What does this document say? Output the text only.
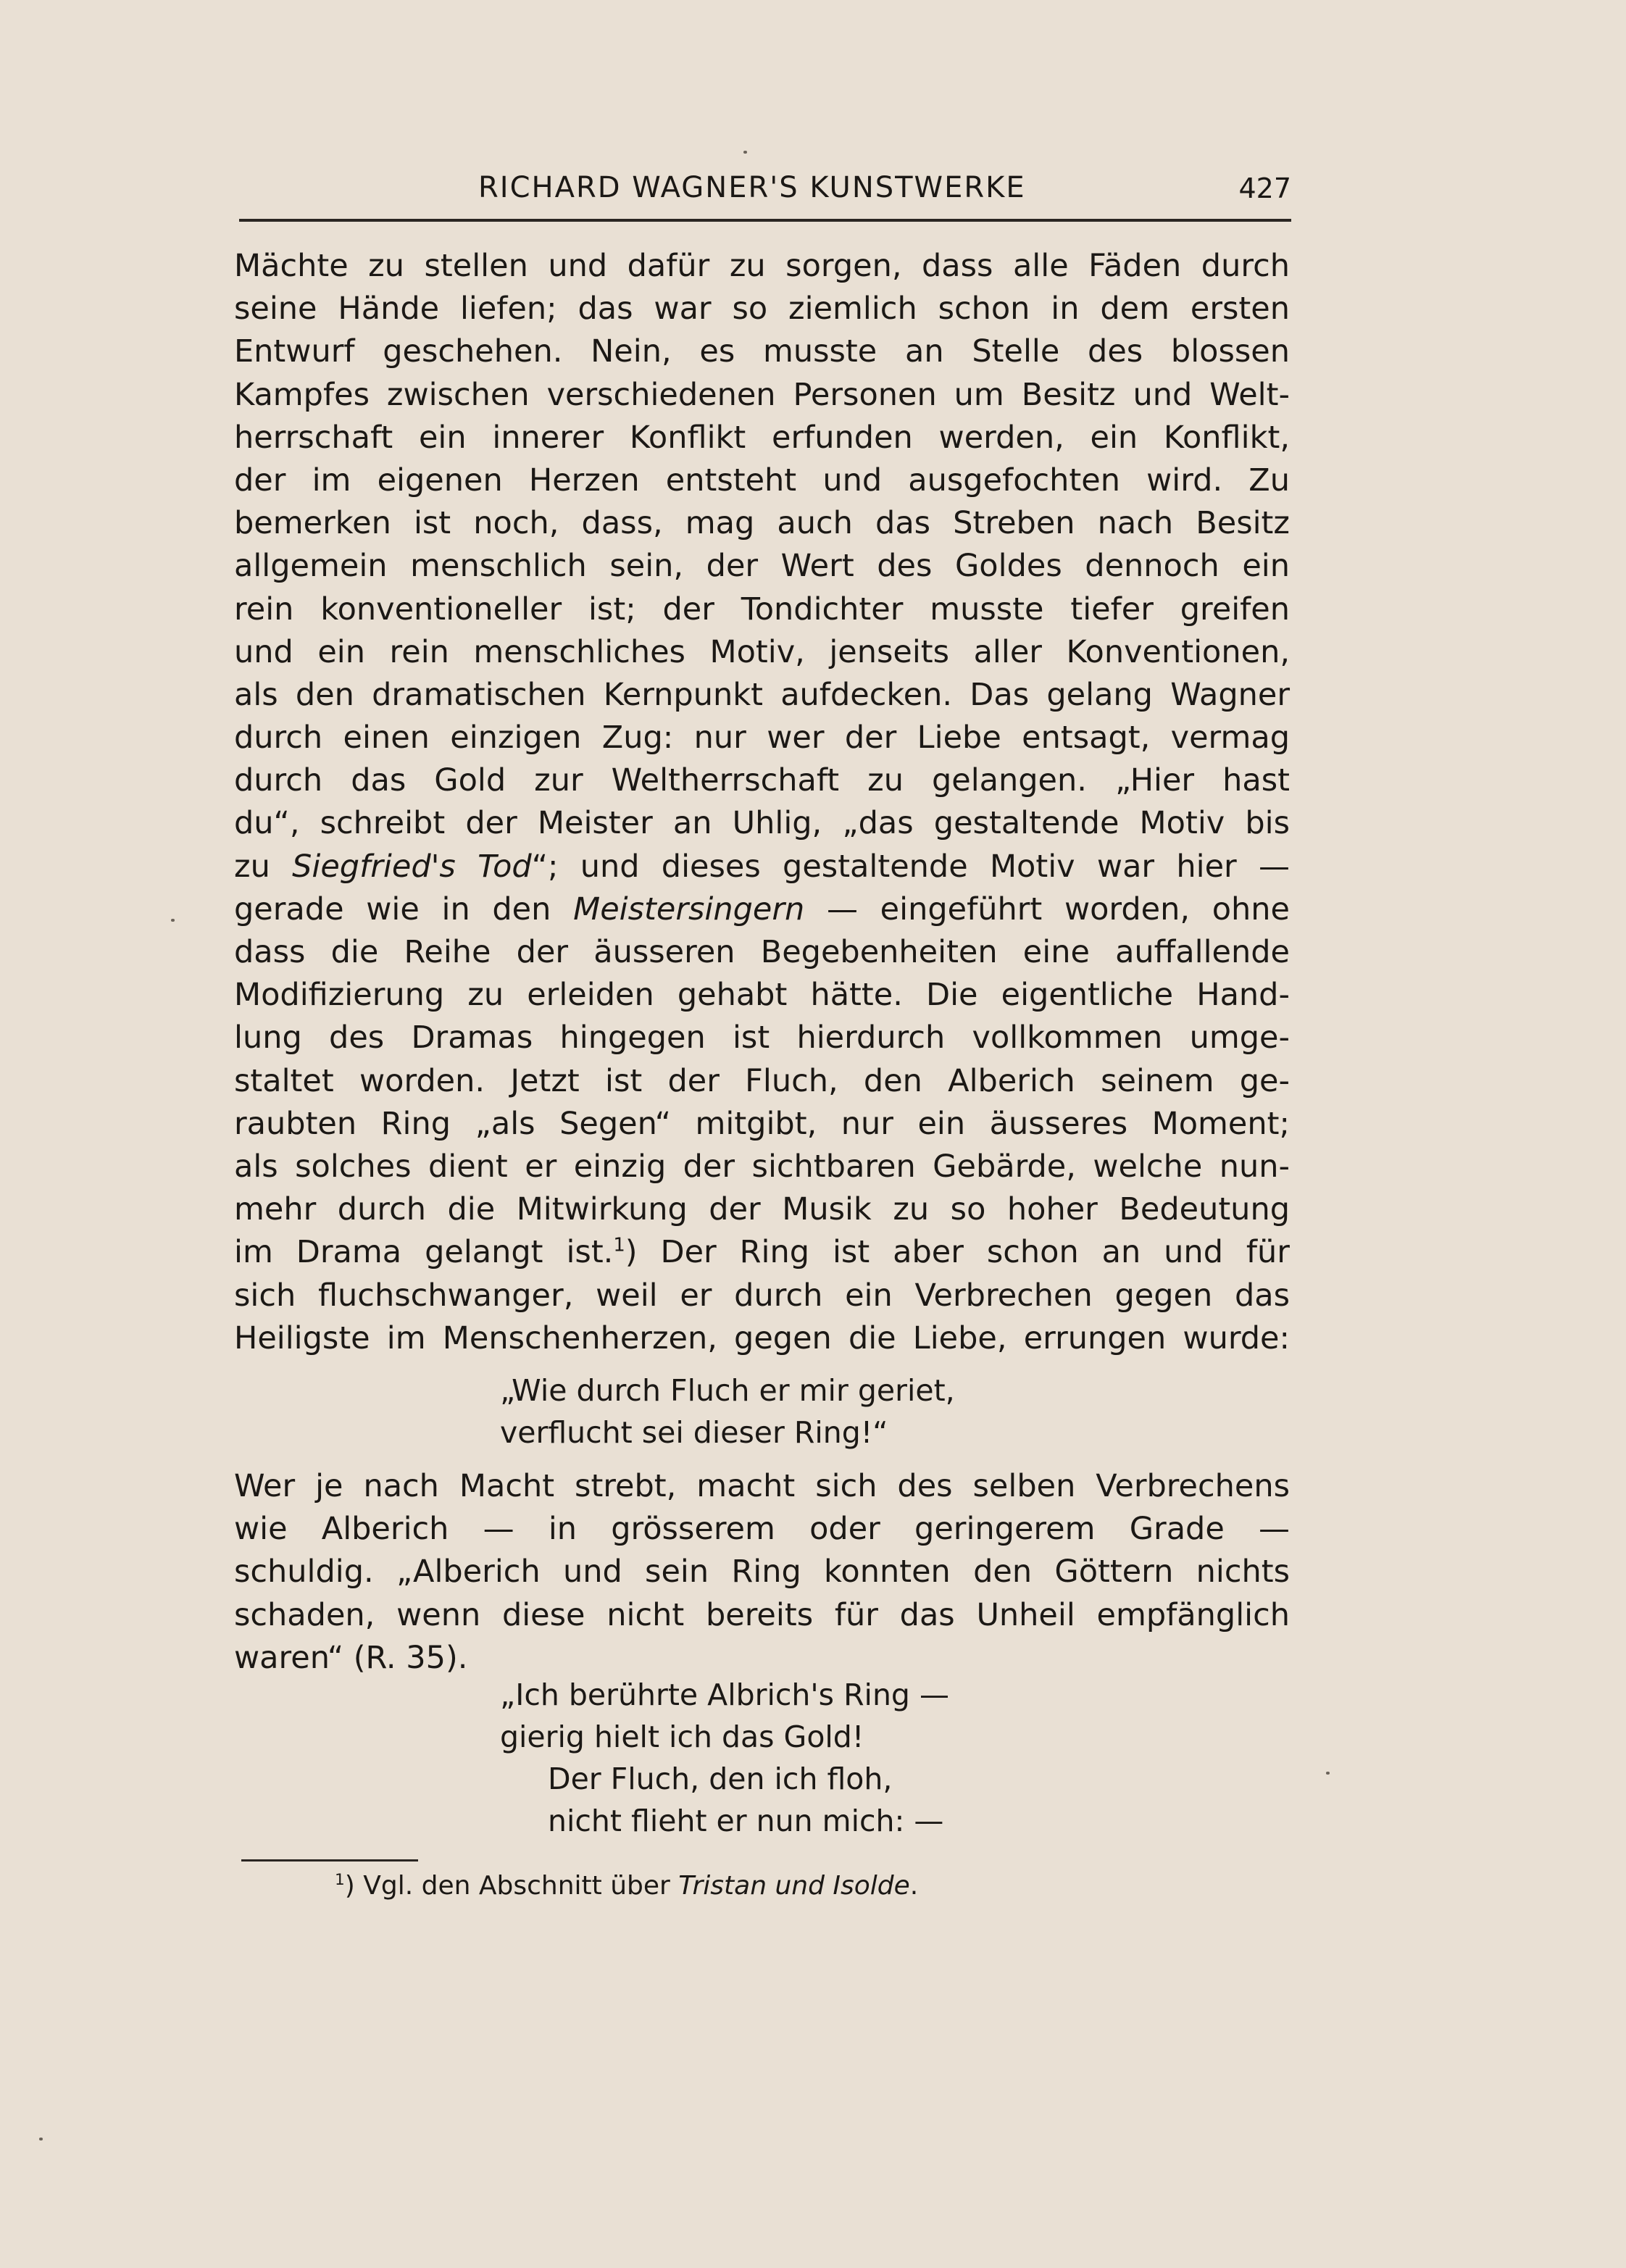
RICHARD WAGNER'S KUNSTWERKE	427
Mächte zu stellen und dafür zu sorgen, dass alle Fäden durch
seine Hände liefen; das war so ziemlich schon in dem ersten
Entwurf geschehen. Nein, es musste an Stelle des blossen
Kampfes zwischen verschiedenen Personen um Besitz und Welt-
herrschaft ein innerer Konflikt erfunden werden, ein Konflikt,
der im eigenen Herzen entsteht und ausgefochten wird. Zu
bemerken ist noch, dass, mag auch das Streben nach Besitz
allgemein menschlich sein, der Wert des Goldes dennoch ein
rein konventioneller ist; der Tondichter musste tiefer greifen
und ein rein menschliches Motiv, jenseits aller Konventionen,
als den dramatischen Kernpunkt aufdecken. Das gelang Wagner
durch einen einzigen Zug: nur wer der Liebe entsagt, vermag
durch das Gold zur Weltherrschaft zu gelangen. „Hier hast
du“, schreibt der Meister an Uhlig, „das gestaltende Motiv bis
zu Siegfried's Tod“; und dieses gestaltende Motiv war hier —
gerade wie in den Meistersingern — eingeführt worden, ohne
dass die Reihe der äusseren Begebenheiten eine auffallende
Modifizierung zu erleiden gehabt hätte. Die eigentliche Hand-
lung des Dramas hingegen ist hierdurch vollkommen umge-
staltet worden. Jetzt ist der Fluch, den Alberich seinem ge-
raubten Ring „als Segen“ mitgibt, nur ein äusseres Moment;
als solches dient er einzig der sichtbaren Gebärde, welche nun-
mehr durch die Mitwirkung der Musik zu so hoher Bedeutung
im Drama gelangt ist.$^1$) Der Ring ist aber schon an und für
sich fluchschwanger, weil er durch ein Verbrechen gegen das
Heiligste im Menschenherzen, gegen die Liebe, errungen wurde:
„Wie durch Fluch er mir geriet,
verflucht sei dieser Ring!“
Wer je nach Macht strebt, macht sich des selben Verbrechens
wie Alberich — in grösserem oder geringerem Grade —
schuldig. „Alberich und sein Ring konnten den Göttern nichts
schaden, wenn diese nicht bereits für das Unheil empfänglich
waren“ (R. 35).
„Ich berührte Albrich's Ring —
gierig hielt ich das Gold!
Der Fluch, den ich floh,
nicht flieht er nun mich: —
$^1$) Vgl. den Abschnitt über Tristan und Isolde.
